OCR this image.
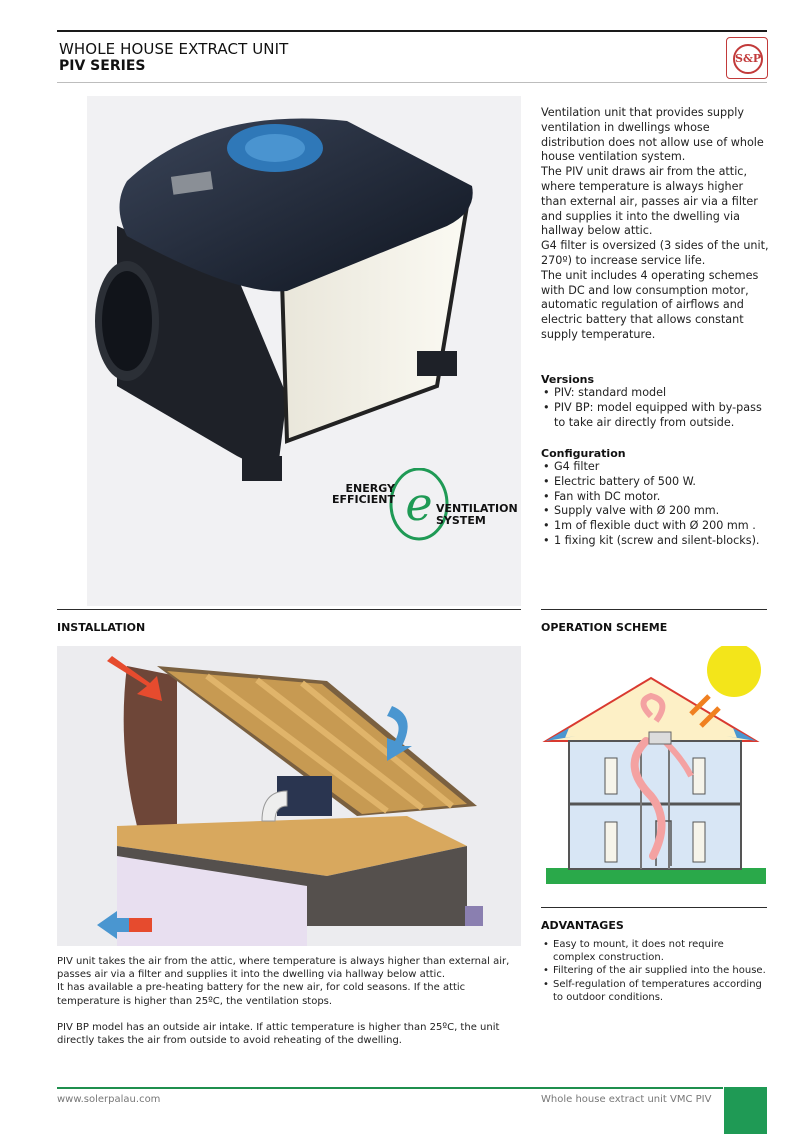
WHOLE HOUSE EXTRACT UNIT
PIV SERIES	S&P
e
ENERGY
EFFICIENT
VENTILATION
SYSTEM
Ventilation unit that provides supply ventilation in dwellings whose distribution does not allow use of whole house ventilation system.
The PIV unit draws air from the attic, where temperature is always higher than external air, passes air via a filter and supplies it into the dwelling via hallway below attic.
G4 filter is oversized (3 sides of the unit, 270º) to increase service life.
The unit includes 4 operating schemes with DC and low consumption motor, automatic regulation of airflows and electric battery that allows constant supply temperature.
Versions
• PIV: standard model
• PIV BP: model equipped with by-pass to take air directly from outside.
Configuration
• G4 filter
• Electric battery of 500 W.
• Fan with DC motor.
• Supply valve with Ø 200 mm.
• 1m of flexible duct with Ø 200 mm .
• 1 fixing kit (screw and silent-blocks).
INSTALLATION
PIV unit takes the air from the attic, where temperature is always higher than external air, passes air via a filter and supplies it into the dwelling via hallway below attic.
It has available a pre-heating battery for the new air, for cold seasons. If the attic temperature is higher than 25ºC, the ventilation stops.
PIV BP model has an outside air intake. If attic temperature is higher than 25ºC, the unit directly takes the air from outside to avoid reheating of the dwelling.
OPERATION SCHEME
ADVANTAGES
• Easy to mount, it does not require complex construction.
• Filtering of the air supplied into the house.
• Self-regulation of temperatures according to outdoor conditions.
www.solerpalau.com	Whole house extract unit VMC PIV
